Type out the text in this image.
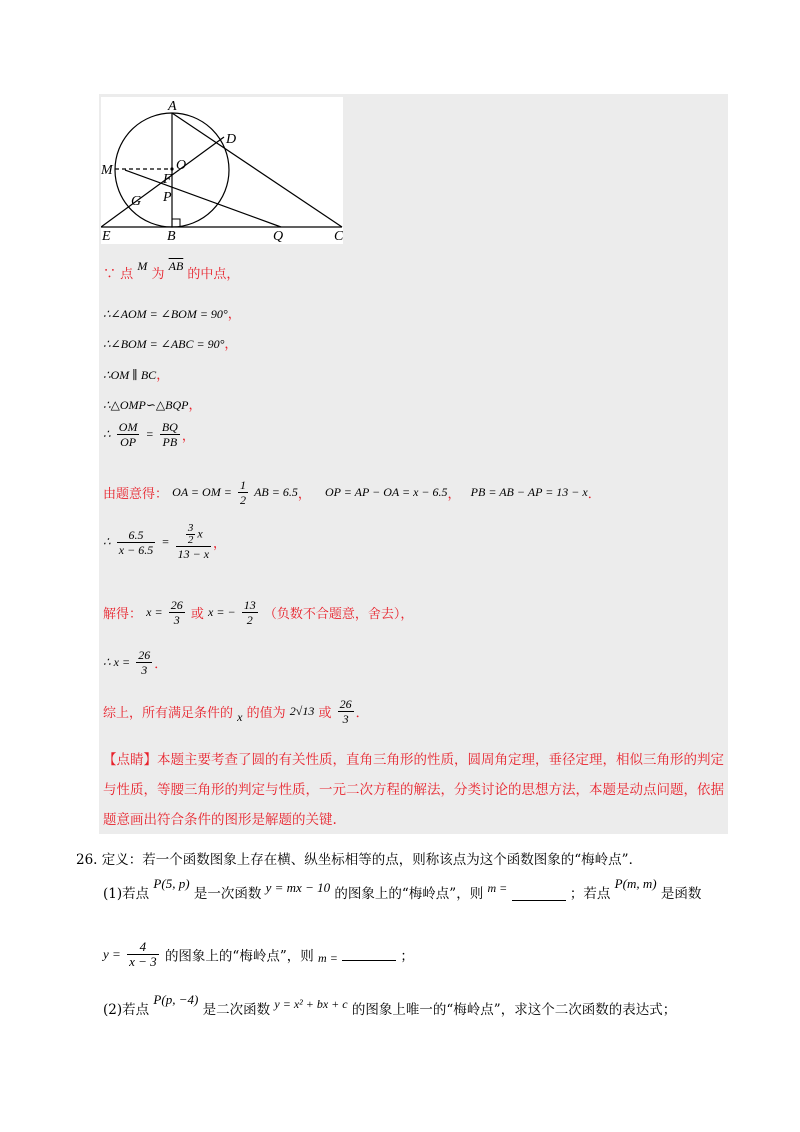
A
D
M	O
F
P
G
E	B	Q	C
∵ 点 M 为 $\overline{AB}$ 的中点，
∴∠AOM = ∠BOM = 90°，
∴∠BOM = ∠ABC = 90°，
∴OM ∥ BC，
∴△OMP∽△BQP，
∴ $\frac{OM}{OP} = \frac{BQ}{PB}$ ，
由题意得： OA = OM = $\frac{1}{2}$ AB = 6.5， OP = AP − OA = x − 6.5， PB = AB − AP = 13 − x．
∴ $\frac{6.5}{x - 6.5} = \frac{\frac{3}{2} x}{13 - x}$ ，
解得： $x = \frac{26}{3}$ 或 x = − $\frac{13}{2}$ （负数不合题意，舍去），
∴ $x = \frac{26}{3}$ ．
综上，所有满足条件的 x 的值为 2√13 或 $\frac{26}{3}$ ．
【点睛】本题主要考查了圆的有关性质，直角三角形的性质，圆周角定理，垂径定理，相似三角形的判定与性质，等腰三角形的判定与性质，一元二次方程的解法，分类讨论的思想方法，本题是动点问题，依据题意画出符合条件的图形是解题的关键.
26. 定义：若一个函数图象上存在横、纵坐标相等的点，则称该点为这个函数图象的“梅岭点”．
(1)若点 P(5, p) 是一次函数 y = mx − 10 的图象上的“梅岭点”，则 m =	；若点 P(m, m) 是函数
$y = \frac{4}{x - 3}$ 的图象上的“梅岭点”，则 m =	；
(2)若点 P(p, −4) 是二次函数 y = x² + bx + c 的图象上唯一的“梅岭点”，求这个二次函数的表达式；
